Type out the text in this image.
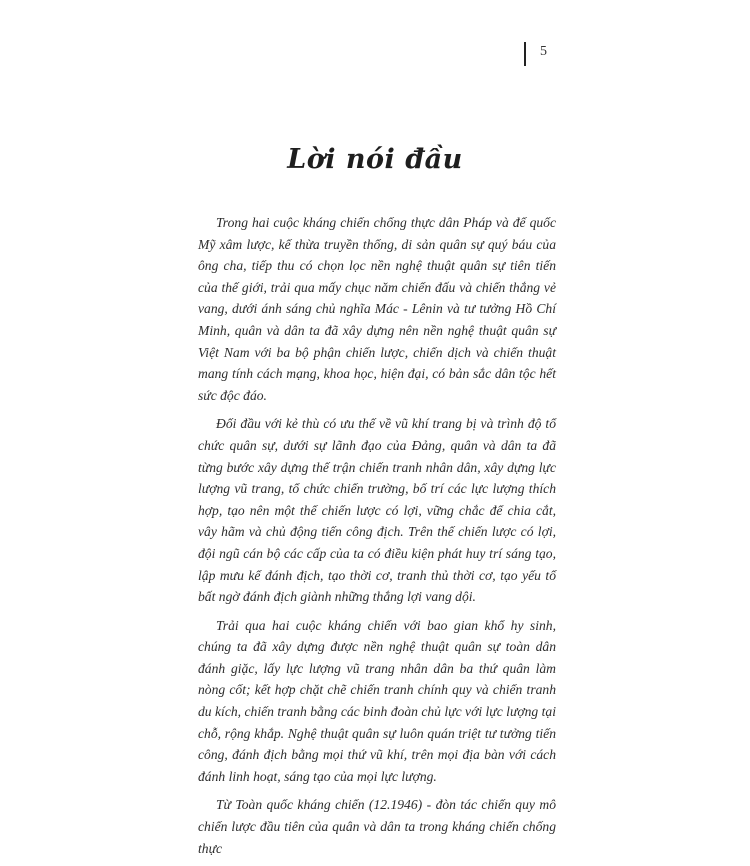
5
Lời nói đầu

Trong hai cuộc kháng chiến chống thực dân Pháp và đế quốc Mỹ xâm lược, kế thừa truyền thống, di sản quân sự quý báu của ông cha, tiếp thu có chọn lọc nền nghệ thuật quân sự tiên tiến của thế giới, trải qua mấy chục năm chiến đấu và chiến thắng vẻ vang, dưới ánh sáng chủ nghĩa Mác - Lênin và tư tưởng Hồ Chí Minh, quân và dân ta đã xây dựng nên nền nghệ thuật quân sự Việt Nam với ba bộ phận chiến lược, chiến dịch và chiến thuật mang tính cách mạng, khoa học, hiện đại, có bản sắc dân tộc hết sức độc đáo.

Đối đầu với kẻ thù có ưu thế về vũ khí trang bị và trình độ tổ chức quân sự, dưới sự lãnh đạo của Đảng, quân và dân ta đã từng bước xây dựng thế trận chiến tranh nhân dân, xây dựng lực lượng vũ trang, tổ chức chiến trường, bố trí các lực lượng thích hợp, tạo nên một thế chiến lược có lợi, vững chắc để chia cắt, vây hãm và chủ động tiến công địch. Trên thế chiến lược có lợi, đội ngũ cán bộ các cấp của ta có điều kiện phát huy trí sáng tạo, lập mưu kế đánh địch, tạo thời cơ, tranh thủ thời cơ, tạo yếu tố bất ngờ đánh địch giành những thắng lợi vang dội.

Trải qua hai cuộc kháng chiến với bao gian khổ hy sinh, chúng ta đã xây dựng được nền nghệ thuật quân sự toàn dân đánh giặc, lấy lực lượng vũ trang nhân dân ba thứ quân làm nòng cốt; kết hợp chặt chẽ chiến tranh chính quy và chiến tranh du kích, chiến tranh bằng các binh đoàn chủ lực với lực lượng tại chỗ, rộng khắp. Nghệ thuật quân sự luôn quán triệt tư tưởng tiến công, đánh địch bằng mọi thứ vũ khí, trên mọi địa bàn với cách đánh linh hoạt, sáng tạo của mọi lực lượng.

Từ Toàn quốc kháng chiến (12.1946) - đòn tác chiến quy mô chiến lược đầu tiên của quân và dân ta trong kháng chiến chống thực
